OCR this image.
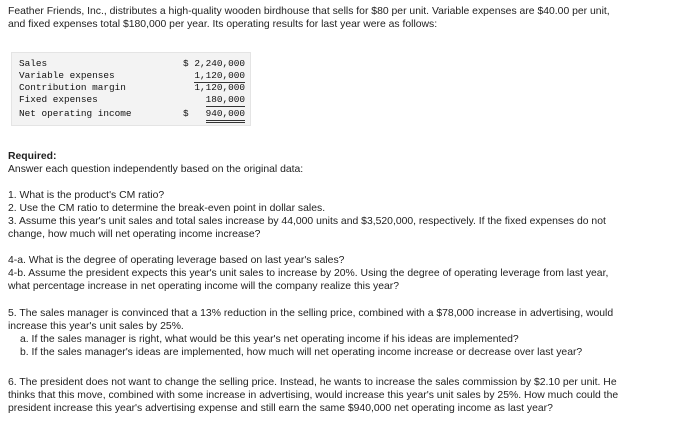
Feather Friends, Inc., distributes a high-quality wooden birdhouse that sells for $80 per unit. Variable expenses are $40.00 per unit,

and fixed expenses total $180,000 per year. Its operating results for last year were as follows:

Sales	$ 2,240,000
Variable expenses	1,120,000
Contribution margin	1,120,000
Fixed expenses	180,000
Net operating income	$ 940,000

Required:

Answer each question independently based on the original data:

1. What is the product's CM ratio?

2. Use the CM ratio to determine the break-even point in dollar sales.

3. Assume this year's unit sales and total sales increase by 44,000 units and $3,520,000, respectively. If the fixed expenses do not

change, how much will net operating income increase?

4-a. What is the degree of operating leverage based on last year's sales?

4-b. Assume the president expects this year's unit sales to increase by 20%. Using the degree of operating leverage from last year,

what percentage increase in net operating income will the company realize this year?

5. The sales manager is convinced that a 13% reduction in the selling price, combined with a $78,000 increase in advertising, would

increase this year's unit sales by 25%.

a. If the sales manager is right, what would be this year's net operating income if his ideas are implemented?

b. If the sales manager's ideas are implemented, how much will net operating income increase or decrease over last year?

6. The president does not want to change the selling price. Instead, he wants to increase the sales commission by $2.10 per unit. He

thinks that this move, combined with some increase in advertising, would increase this year's unit sales by 25%. How much could the

president increase this year's advertising expense and still earn the same $940,000 net operating income as last year?
